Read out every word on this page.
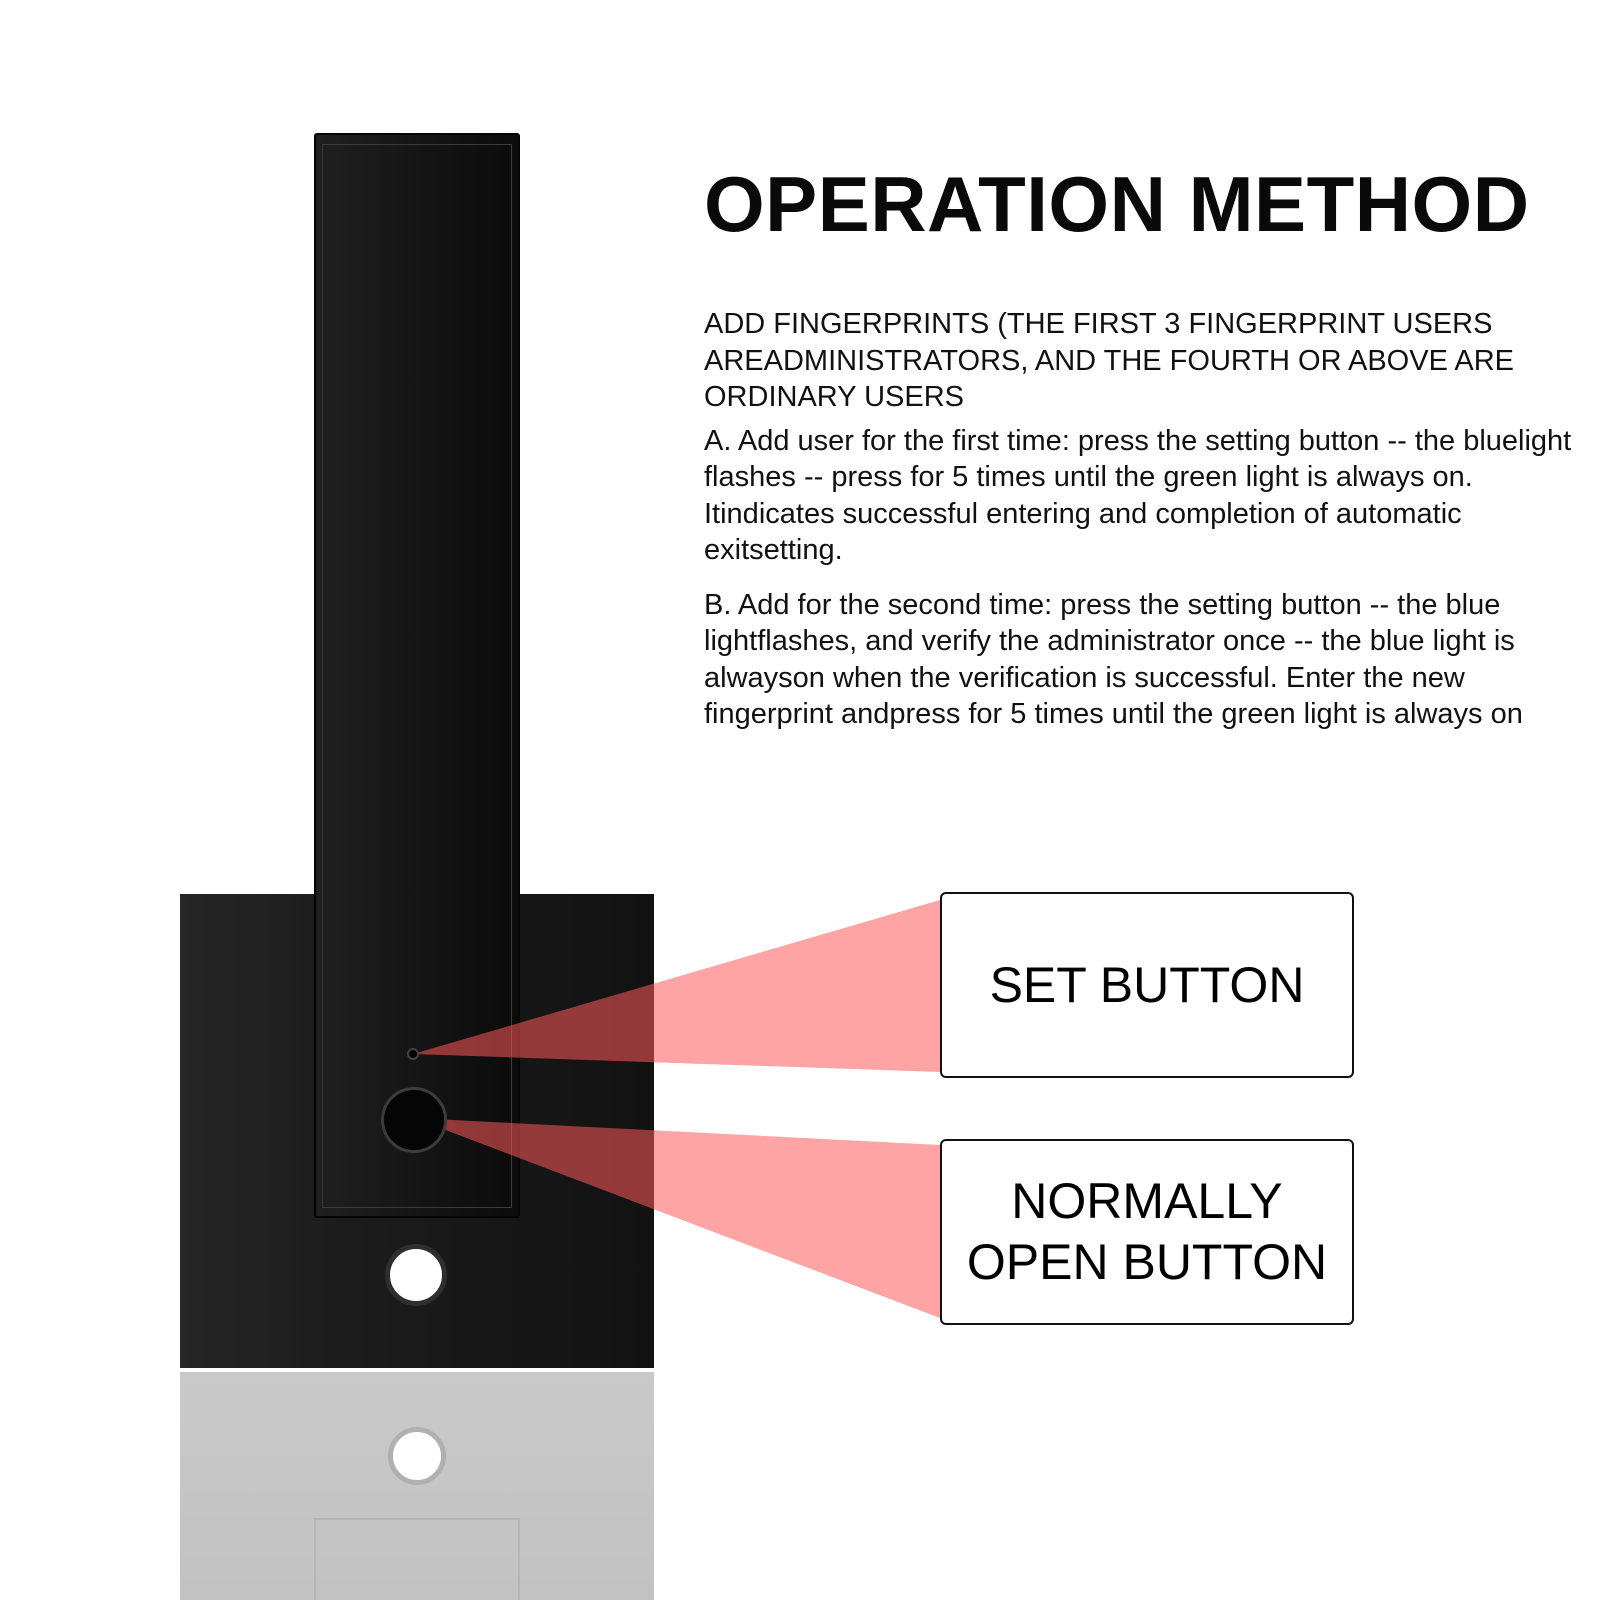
OPERATION METHOD

ADD FINGERPRINTS (THE FIRST 3 FINGERPRINT USERS AREADMINISTRATORS, AND THE FOURTH OR ABOVE ARE ORDINARY USERS

A. Add user for the first time: press the setting button -- the bluelight flashes -- press for 5 times until the green light is always on. Itindicates successful entering and completion of automatic exitsetting.

B. Add for the second time: press the setting button -- the blue lightflashes, and verify the administrator once -- the blue light is alwayson when the verification is successful. Enter the new fingerprint andpress for 5 times until the green light is always on

SET BUTTON
NORMALLY
OPEN BUTTON
